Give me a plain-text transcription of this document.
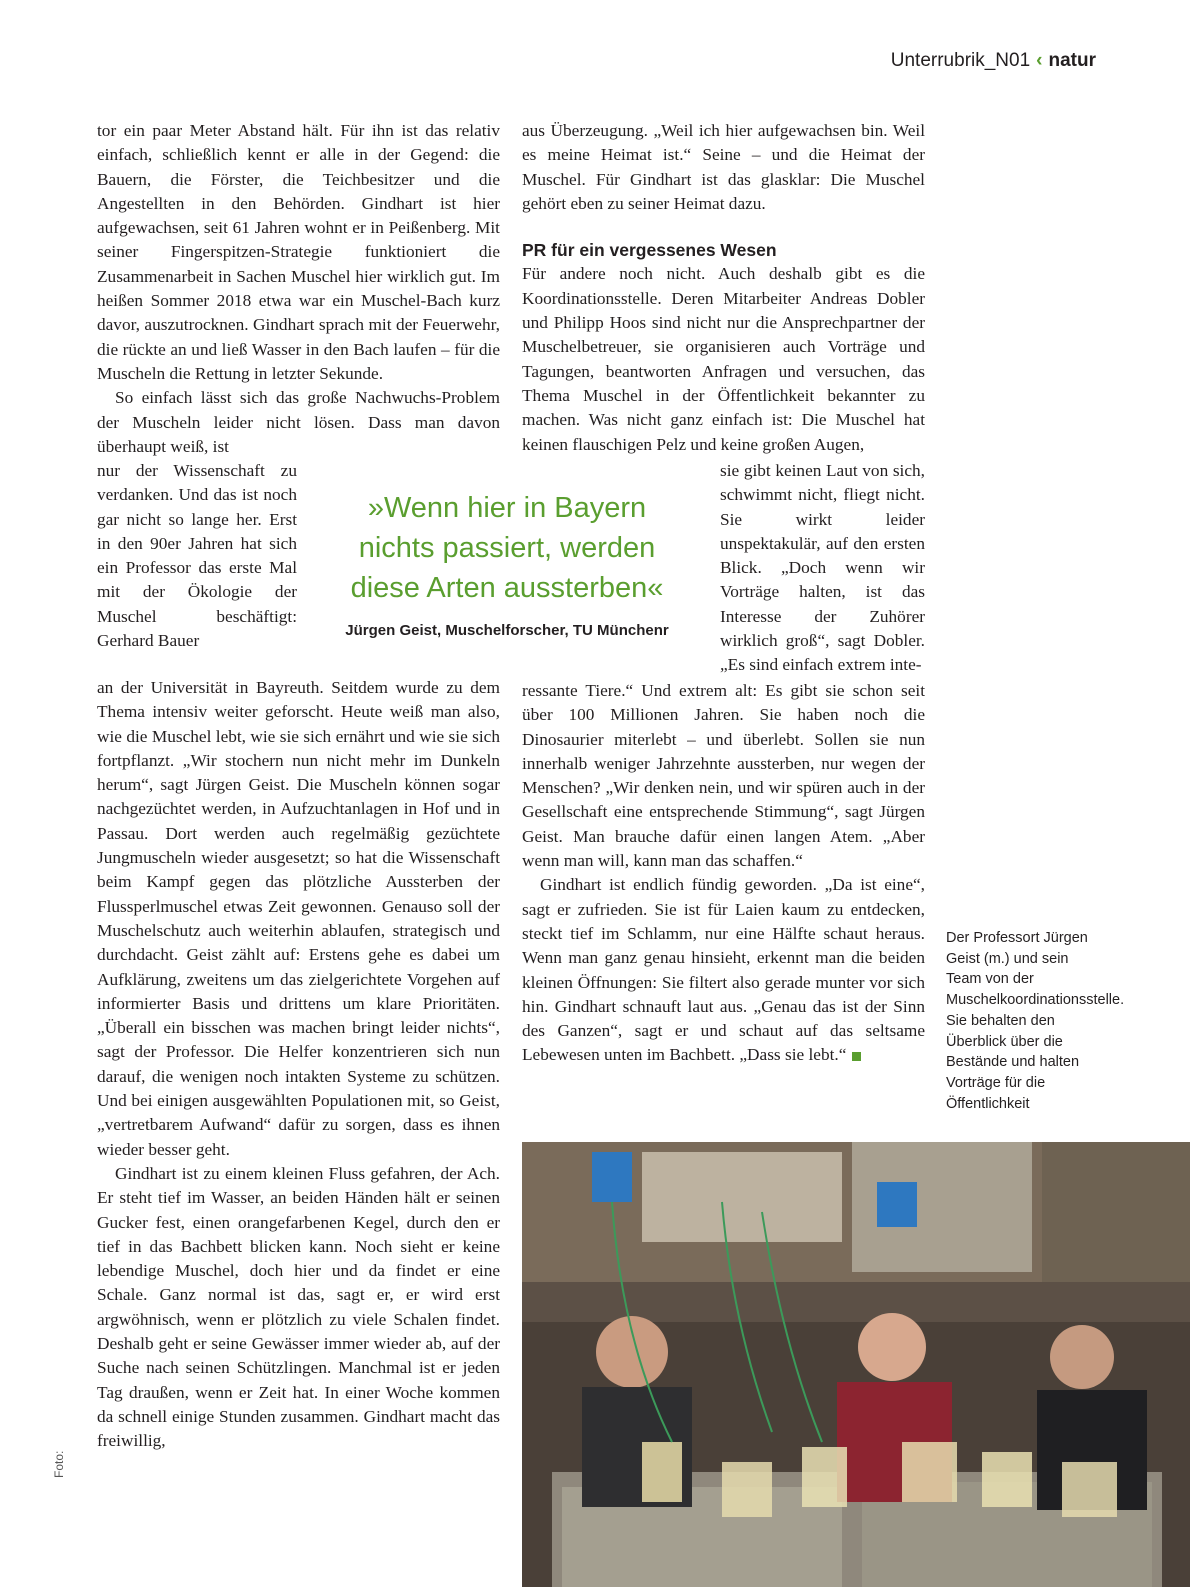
Unterrubrik_N01 ‹ natur

tor ein paar Meter Abstand hält. Für ihn ist das relativ einfach, schließlich kennt er alle in der Gegend: die Bauern, die Förster, die Teichbesitzer und die Angestellten in den Behörden. Gindhart ist hier aufgewachsen, seit 61 Jahren wohnt er in Peißenberg. Mit seiner Fingerspitzen-Strategie funktioniert die Zusammenarbeit in Sachen Muschel hier wirklich gut. Im heißen Sommer 2018 etwa war ein Muschel-Bach kurz davor, auszutrocknen. Gindhart sprach mit der Feuerwehr, die rückte an und ließ Wasser in den Bach laufen – für die Muscheln die Rettung in letzter Sekunde.

So einfach lässt sich das große Nachwuchs-Problem der Muscheln leider nicht lösen. Dass man davon überhaupt weiß, ist

nur der Wissenschaft zu verdanken. Und das ist noch gar nicht so lange her. Erst in den 90er Jahren hat sich ein Professor das erste Mal mit der Ökologie der Muschel beschäftigt: Gerhard Bauer

an der Universität in Bayreuth. Seitdem wurde zu dem Thema intensiv weiter geforscht. Heute weiß man also, wie die Muschel lebt, wie sie sich ernährt und wie sie sich fortpflanzt. „Wir stochern nun nicht mehr im Dunkeln herum“, sagt Jürgen Geist. Die Muscheln können sogar nachgezüchtet werden, in Aufzuchtanlagen in Hof und in Passau. Dort werden auch regelmäßig gezüchtete Jungmuscheln wieder ausgesetzt; so hat die Wissenschaft beim Kampf gegen das plötzliche Aussterben der Flussperlmuschel etwas Zeit gewonnen. Genauso soll der Muschelschutz auch weiterhin ablaufen, strategisch und durchdacht. Geist zählt auf: Erstens gehe es dabei um Aufklärung, zweitens um das zielgerichtete Vorgehen auf informierter Basis und drittens um klare Prioritäten. „Überall ein bisschen was machen bringt leider nichts“, sagt der Professor. Die Helfer konzentrieren sich nun darauf, die wenigen noch intakten Systeme zu schützen. Und bei einigen ausgewählten Populationen mit, so Geist, „vertretbarem Aufwand“ dafür zu sorgen, dass es ihnen wieder besser geht.

Gindhart ist zu einem kleinen Fluss gefahren, der Ach. Er steht tief im Wasser, an beiden Händen hält er seinen Gucker fest, einen orangefarbenen Kegel, durch den er tief in das Bachbett blicken kann. Noch sieht er keine lebendige Muschel, doch hier und da findet er eine Schale. Ganz normal ist das, sagt er, er wird erst argwöhnisch, wenn er plötzlich zu viele Schalen findet. Deshalb geht er seine Gewässer immer wieder ab, auf der Suche nach seinen Schützlingen. Manchmal ist er jeden Tag draußen, wenn er Zeit hat. In einer Woche kommen da schnell einige Stunden zusammen. Gindhart macht das freiwillig,

aus Überzeugung. „Weil ich hier aufgewachsen bin. Weil es meine Heimat ist.“ Seine – und die Heimat der Muschel. Für Gindhart ist das glasklar: Die Muschel gehört eben zu seiner Heimat dazu.

PR für ein vergessenes Wesen

Für andere noch nicht. Auch deshalb gibt es die Koordinationsstelle. Deren Mitarbeiter Andreas Dobler und Philipp Hoos sind nicht nur die Ansprechpartner der Muschelbetreuer, sie organisieren auch Vorträge und Tagungen, beantworten Anfragen und versuchen, das Thema Muschel in der Öffentlichkeit bekannter zu machen. Was nicht ganz einfach ist: Die Muschel hat keinen flauschigen Pelz und keine großen Augen,

sie gibt keinen Laut von sich, schwimmt nicht, fliegt nicht. Sie wirkt leider unspektakulär, auf den ersten Blick. „Doch wenn wir Vorträge halten, ist das Interesse der Zuhörer wirklich groß“, sagt Dobler. „Es sind einfach extrem inte-

ressante Tiere.“ Und extrem alt: Es gibt sie schon seit über 100 Millionen Jahren. Sie haben noch die Dinosaurier miterlebt – und überlebt. Sollen sie nun innerhalb weniger Jahrzehnte aussterben, nur wegen der Menschen? „Wir denken nein, und wir spüren auch in der Gesellschaft eine entsprechende Stimmung“, sagt Jürgen Geist. Man brauche dafür einen langen Atem. „Aber wenn man will, kann man das schaffen.“

Gindhart ist endlich fündig geworden. „Da ist eine“, sagt er zufrieden. Sie ist für Laien kaum zu entdecken, steckt tief im Schlamm, nur eine Hälfte schaut heraus. Wenn man ganz genau hinsieht, erkennt man die beiden kleinen Öffnungen: Sie filtert also gerade munter vor sich hin. Gindhart schnauft laut aus. „Genau das ist der Sinn des Ganzen“, sagt er und schaut auf das seltsame Lebewesen unten im Bachbett. „Dass sie lebt.“

»Wenn hier in Bayern nichts passiert, werden diese Arten aussterben«
Jürgen Geist, Muschelforscher, TU Münchenr
Der Professort Jürgen Geist (m.) und sein Team von der Muschelkoordinationsstelle. Sie behalten den Überblick über die Bestände und halten Vorträge für die Öffentlichkeit
Foto:
